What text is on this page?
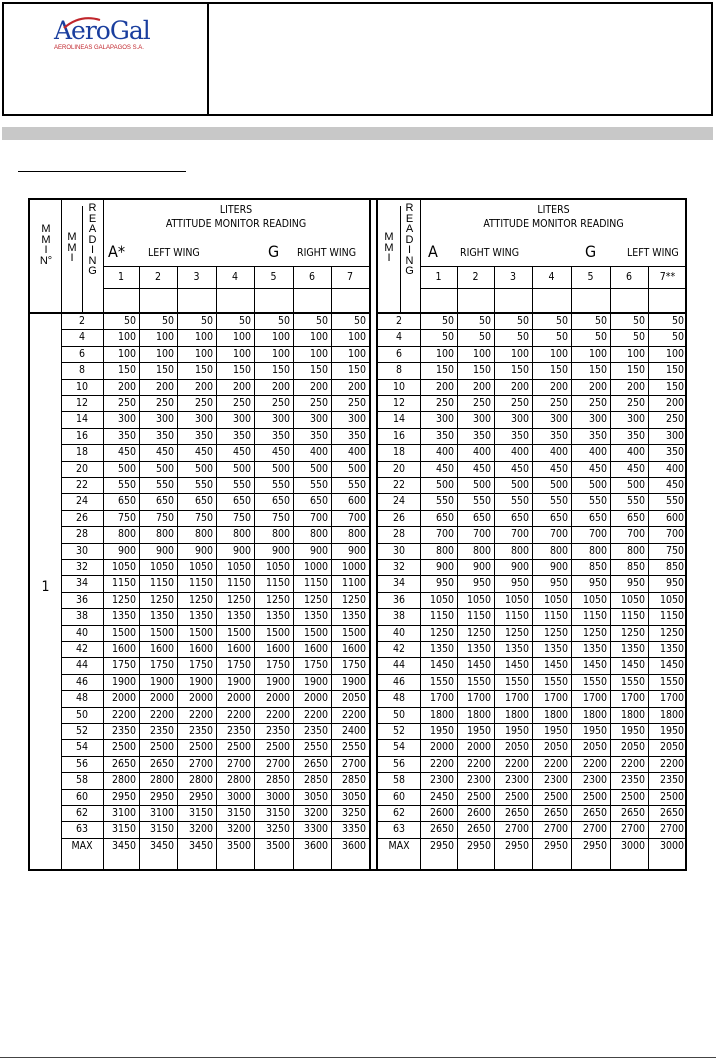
AeroGal
AEROLINEAS GALAPAGOS S.A.
M
M
I
N°
M
M
I
R
E
A
D
I
N
G
M
M
I
R
E
A
D
I
N
G
LITERS
ATTITUDE MONITOR READING
LITERS
ATTITUDE MONITOR READING
A*	LEFT WING	G	RIGHT WING	A	RIGHT WING	G	LEFT WING
1	2	3	4	5	6	7	1	2	3	4	5	6	7**
1
2	50	50	50	50	50	50	50	2	50	50	50	50	50	50	50
4	100	100	100	100	100	100	100	4	50	50	50	50	50	50	50
6	100	100	100	100	100	100	100	6	100	100	100	100	100	100	100
8	150	150	150	150	150	150	150	8	150	150	150	150	150	150	150
10	200	200	200	200	200	200	200	10	200	200	200	200	200	200	150
12	250	250	250	250	250	250	250	12	250	250	250	250	250	250	200
14	300	300	300	300	300	300	300	14	300	300	300	300	300	300	250
16	350	350	350	350	350	350	350	16	350	350	350	350	350	350	300
18	450	450	450	450	450	400	400	18	400	400	400	400	400	400	350
20	500	500	500	500	500	500	500	20	450	450	450	450	450	450	400
22	550	550	550	550	550	550	550	22	500	500	500	500	500	500	450
24	650	650	650	650	650	650	600	24	550	550	550	550	550	550	550
26	750	750	750	750	750	700	700	26	650	650	650	650	650	650	600
28	800	800	800	800	800	800	800	28	700	700	700	700	700	700	700
30	900	900	900	900	900	900	900	30	800	800	800	800	800	800	750
32	1050	1050	1050	1050	1050	1000	1000	32	900	900	900	900	850	850	850
34	1150	1150	1150	1150	1150	1150	1100	34	950	950	950	950	950	950	950
36	1250	1250	1250	1250	1250	1250	1250	36	1050	1050	1050	1050	1050	1050	1050
38	1350	1350	1350	1350	1350	1350	1350	38	1150	1150	1150	1150	1150	1150	1150
40	1500	1500	1500	1500	1500	1500	1500	40	1250	1250	1250	1250	1250	1250	1250
42	1600	1600	1600	1600	1600	1600	1600	42	1350	1350	1350	1350	1350	1350	1350
44	1750	1750	1750	1750	1750	1750	1750	44	1450	1450	1450	1450	1450	1450	1450
46	1900	1900	1900	1900	1900	1900	1900	46	1550	1550	1550	1550	1550	1550	1550
48	2000	2000	2000	2000	2000	2000	2050	48	1700	1700	1700	1700	1700	1700	1700
50	2200	2200	2200	2200	2200	2200	2200	50	1800	1800	1800	1800	1800	1800	1800
52	2350	2350	2350	2350	2350	2350	2400	52	1950	1950	1950	1950	1950	1950	1950
54	2500	2500	2500	2500	2500	2550	2550	54	2000	2000	2050	2050	2050	2050	2050
56	2650	2650	2700	2700	2700	2650	2700	56	2200	2200	2200	2200	2200	2200	2200
58	2800	2800	2800	2800	2850	2850	2850	58	2300	2300	2300	2300	2300	2350	2350
60	2950	2950	2950	3000	3000	3050	3050	60	2450	2500	2500	2500	2500	2500	2500
62	3100	3100	3150	3150	3150	3200	3250	62	2600	2600	2650	2650	2650	2650	2650
63	3150	3150	3200	3200	3250	3300	3350	63	2650	2650	2700	2700	2700	2700	2700
MAX	3450	3450	3450	3500	3500	3600	3600	MAX	2950	2950	2950	2950	2950	3000	3000
